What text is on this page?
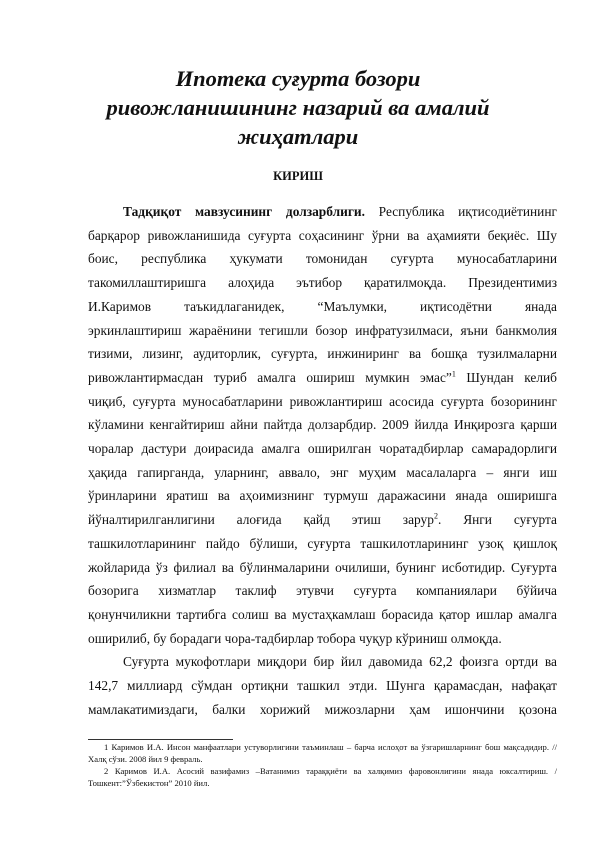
Ипотека суғурта бозори
ривожланишининг назарий ва амалий
жиҳатлари
КИРИШ

Тадқиқот мавзусининг долзарблиги. Республика иқтисодиётининг

барқарор ривожланишида суғурта соҳасининг ўрни ва аҳамияти беқиёс. Шу

боис, республика ҳукумати томонидан суғурта муносабатларини

такомиллаштиришга алоҳида эътибор қаратилмоқда. Президентимиз

И.Каримов таъкидлаганидек, “Маълумки, иқтисодётни янада

эркинлаштириш жараёнини тегишли бозор инфратузилмаси, яъни банкмолия

тизими, лизинг, аудиторлик, суғурта, инжиниринг ва бошқа тузилмаларни

ривожлантирмасдан туриб амалга ошириш мумкин эмас”$^1$ Шундан келиб

чиқиб, суғурта муносабатларини ривожлантириш асосида суғурта бозорининг

кўламини кенгайтириш айни пайтда долзарбдир. 2009 йилда Инқирозга қарши

чоралар дастури доирасида амалга оширилган чоратадбирлар самарадорлиги

ҳақида гапирганда, уларнинг, аввало, энг муҳим масалаларга – янги иш

ўринларини яратиш ва аҳоимизнинг турмуш даражасини янада оширишга

йўналтирилганлигини алоғида қайд этиш зарур$^2$. Янги суғурта

ташкилотларининг пайдо бўлиши, суғурта ташкилотларининг узоқ қишлоқ

жойларида ўз филиал ва бўлинмаларини очилиши, бунинг исботидир. Суғурта

бозорига хизматлар таклиф этувчи суғурта компаниялари бўйича

қонунчиликни тартибга солиш ва мустаҳкамлаш борасида қатор ишлар амалга

оширилиб, бу борадаги чора-тадбирлар тобора чуқур кўриниш олмоқда.

Суғурта мукофотлари миқдори бир йил давомида 62,2 фоизга ортди ва

142,7 миллиард сўмдан ортиқни ташкил этди. Шунга қарамасдан, нафақат

мамлакатимиздаги, балки хорижий мижозларни ҳам ишончини қозона

1 Каримов И.А. Инсон манфаатлари устуворлигини таъминлаш – барча ислоҳот ва ўзгаришларнинг бош мақсадидир. //Халқ сўзи. 2008 йил 9 февраль.
2 Каримов И.А. Асосий вазифамиз –Ватанимиз тараққиёти ва халқимиз фаровонлигини янада юксалтириш. /Тошкент:”Ўзбекистон” 2010 йил.
